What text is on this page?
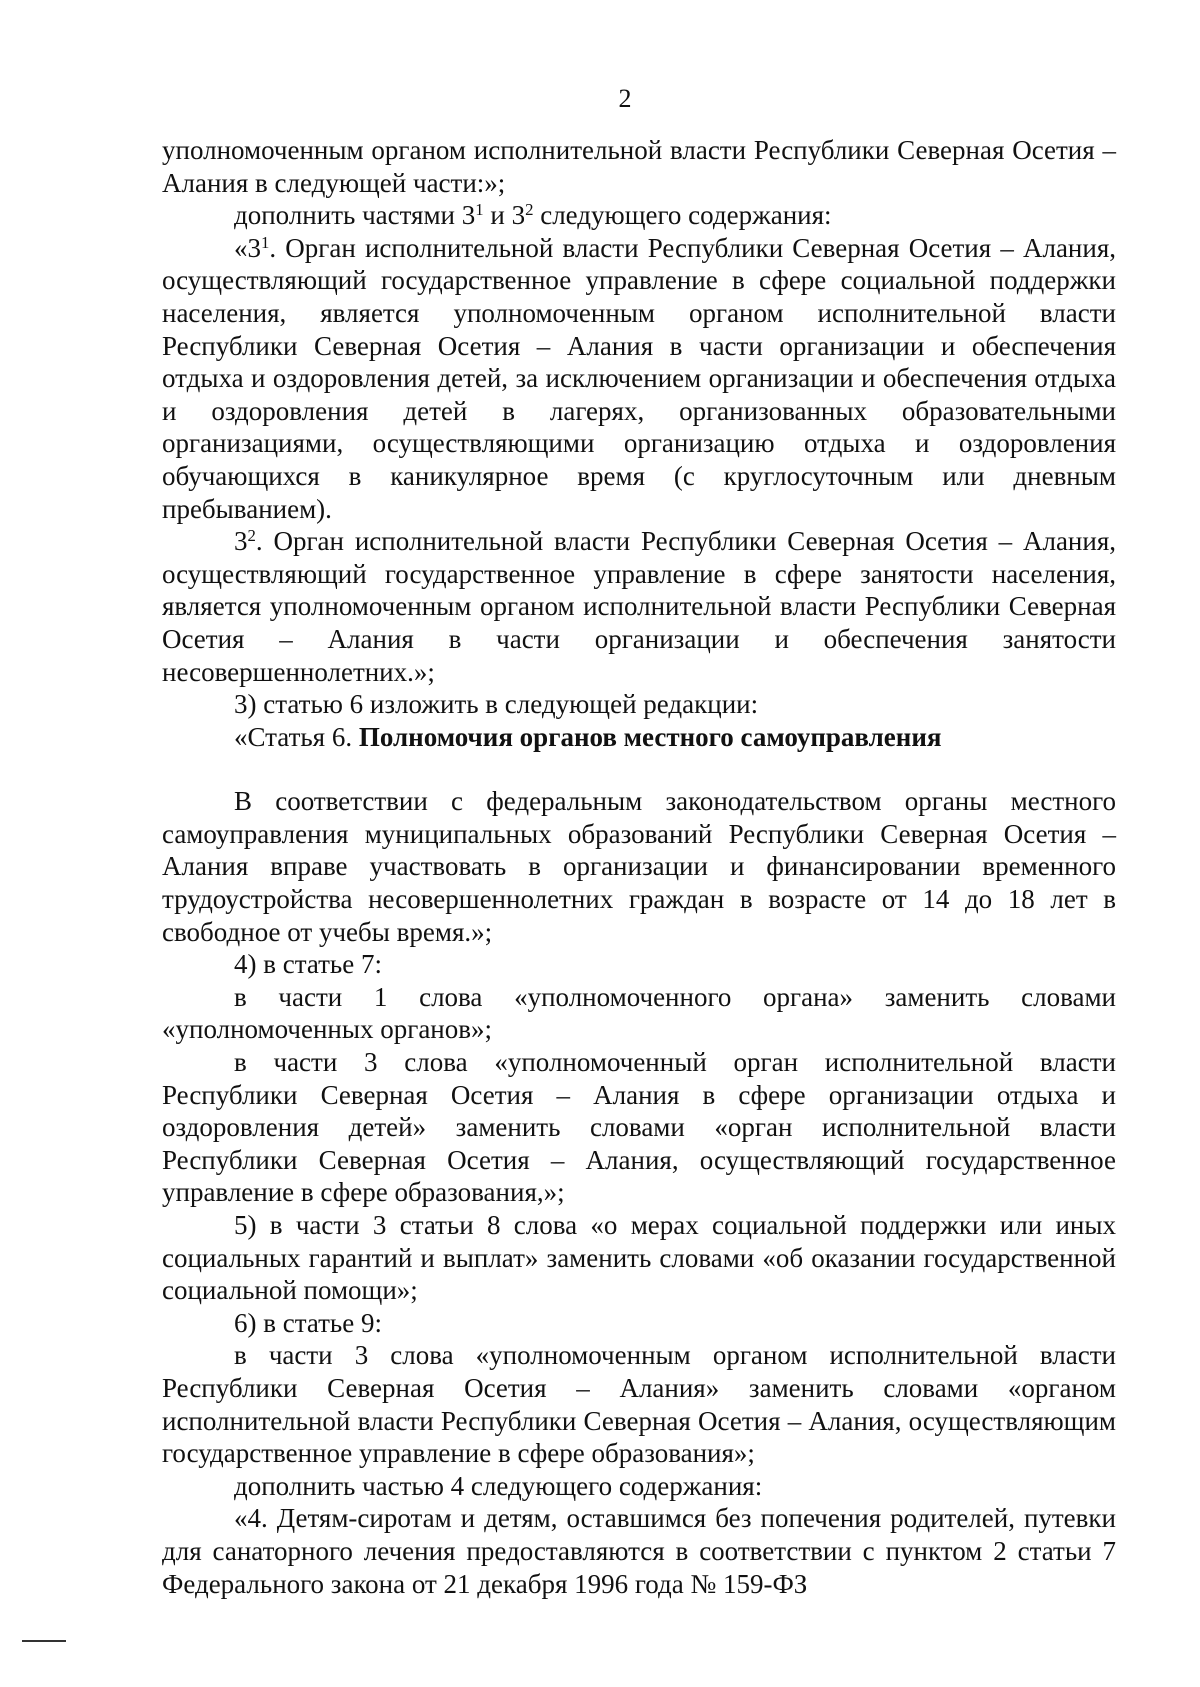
2

уполномоченным органом исполнительной власти Республики Северная Осетия – Алания в следующей части:»;

дополнить частями $3^1$ и $3^2$ следующего содержания:

«$3^1$. Орган исполнительной власти Республики Северная Осетия – Алания, осуществляющий государственное управление в сфере социальной поддержки населения, является уполномоченным органом исполнительной власти Республики Северная Осетия – Алания в части организации и обеспечения отдыха и оздоровления детей, за исключением организации и обеспечения отдыха и оздоровления детей в лагерях, организованных образовательными организациями, осуществляющими организацию отдыха и оздоровления обучающихся в каникулярное время (с круглосуточным или дневным пребыванием).

$3^2$. Орган исполнительной власти Республики Северная Осетия – Алания, осуществляющий государственное управление в сфере занятости населения, является уполномоченным органом исполнительной власти Республики Северная Осетия – Алания в части организации и обеспечения занятости несовершеннолетних.»;

3) статью 6 изложить в следующей редакции:

«Статья 6. Полномочия органов местного самоуправления

В соответствии с федеральным законодательством органы местного самоуправления муниципальных образований Республики Северная Осетия – Алания вправе участвовать в организации и финансировании временного трудоустройства несовершеннолетних граждан в возрасте от 14 до 18 лет в свободное от учебы время.»;

4) в статье 7:

в части 1 слова «уполномоченного органа» заменить словами «уполномоченных органов»;

в части 3 слова «уполномоченный орган исполнительной власти Республики Северная Осетия – Алания в сфере организации отдыха и оздоровления детей» заменить словами «орган исполнительной власти Республики Северная Осетия – Алания, осуществляющий государственное управление в сфере образования,»;

5) в части 3 статьи 8 слова «о мерах социальной поддержки или иных социальных гарантий и выплат» заменить словами «об оказании государственной социальной помощи»;

6) в статье 9:

в части 3 слова «уполномоченным органом исполнительной власти Республики Северная Осетия – Алания» заменить словами «органом исполнительной власти Республики Северная Осетия – Алания, осуществляющим государственное управление в сфере образования»;

дополнить частью 4 следующего содержания:

«4. Детям-сиротам и детям, оставшимся без попечения родителей, путевки для санаторного лечения предоставляются в соответствии с пунктом 2 статьи 7 Федерального закона от 21 декабря 1996 года № 159-ФЗ
